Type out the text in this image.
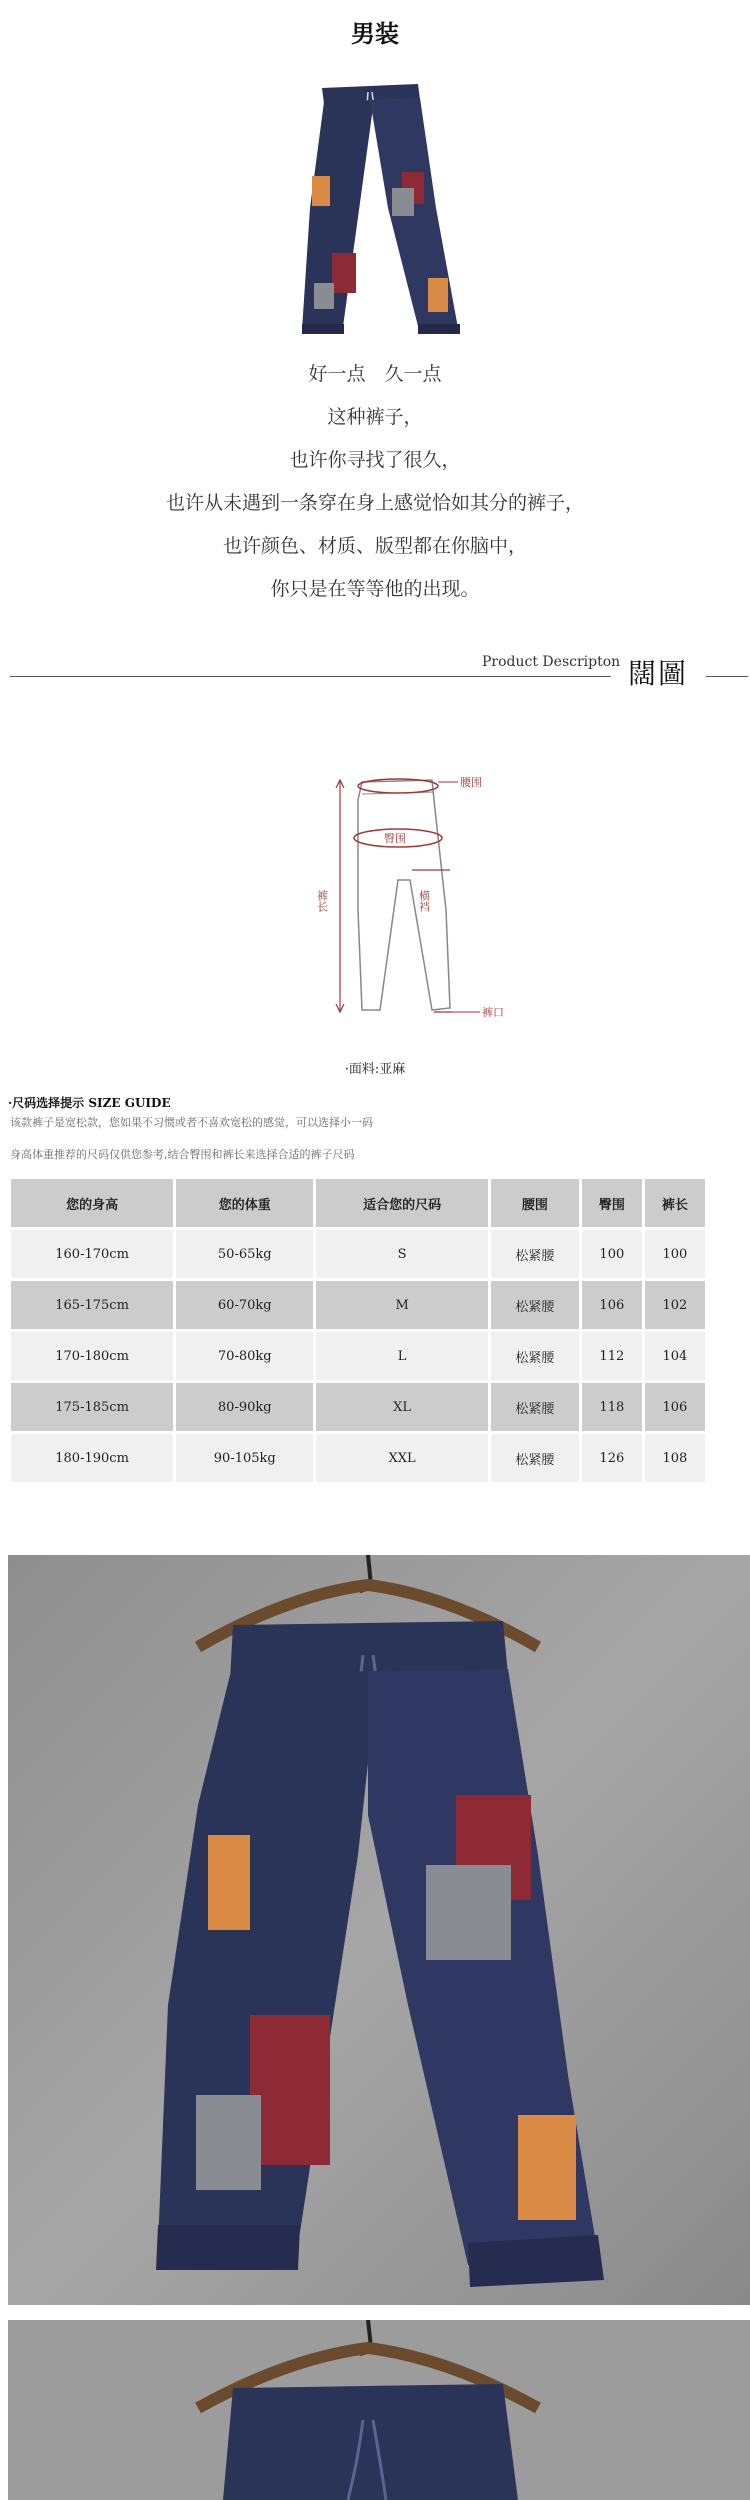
男装
好一点　久一点
这种裤子，
也许你寻找了很久，
也许从未遇到一条穿在身上感觉恰如其分的裤子，
也许颜色、材质、版型都在你脑中，
你只是在等等他的出现。
Product Descripton 闊圖
腰围
臀围
裤长	横裆
裤口
·面料:亚麻
·尺码选择提示 SIZE GUIDE
该款裤子是宽松款，您如果不习惯或者不喜欢宽松的感觉，可以选择小一码
身高体重推荐的尺码仅供您参考,结合臀围和裤长来选择合适的裤子尺码
您的身高	您的体重	适合您的尺码	腰围	臀围	裤长
160-170cm	50-65kg	S	松紧腰	100	100
165-175cm	60-70kg	M	松紧腰	106	102
170-180cm	70-80kg	L	松紧腰	112	104
175-185cm	80-90kg	XL	松紧腰	118	106
180-190cm	90-105kg	XXL	松紧腰	126	108
